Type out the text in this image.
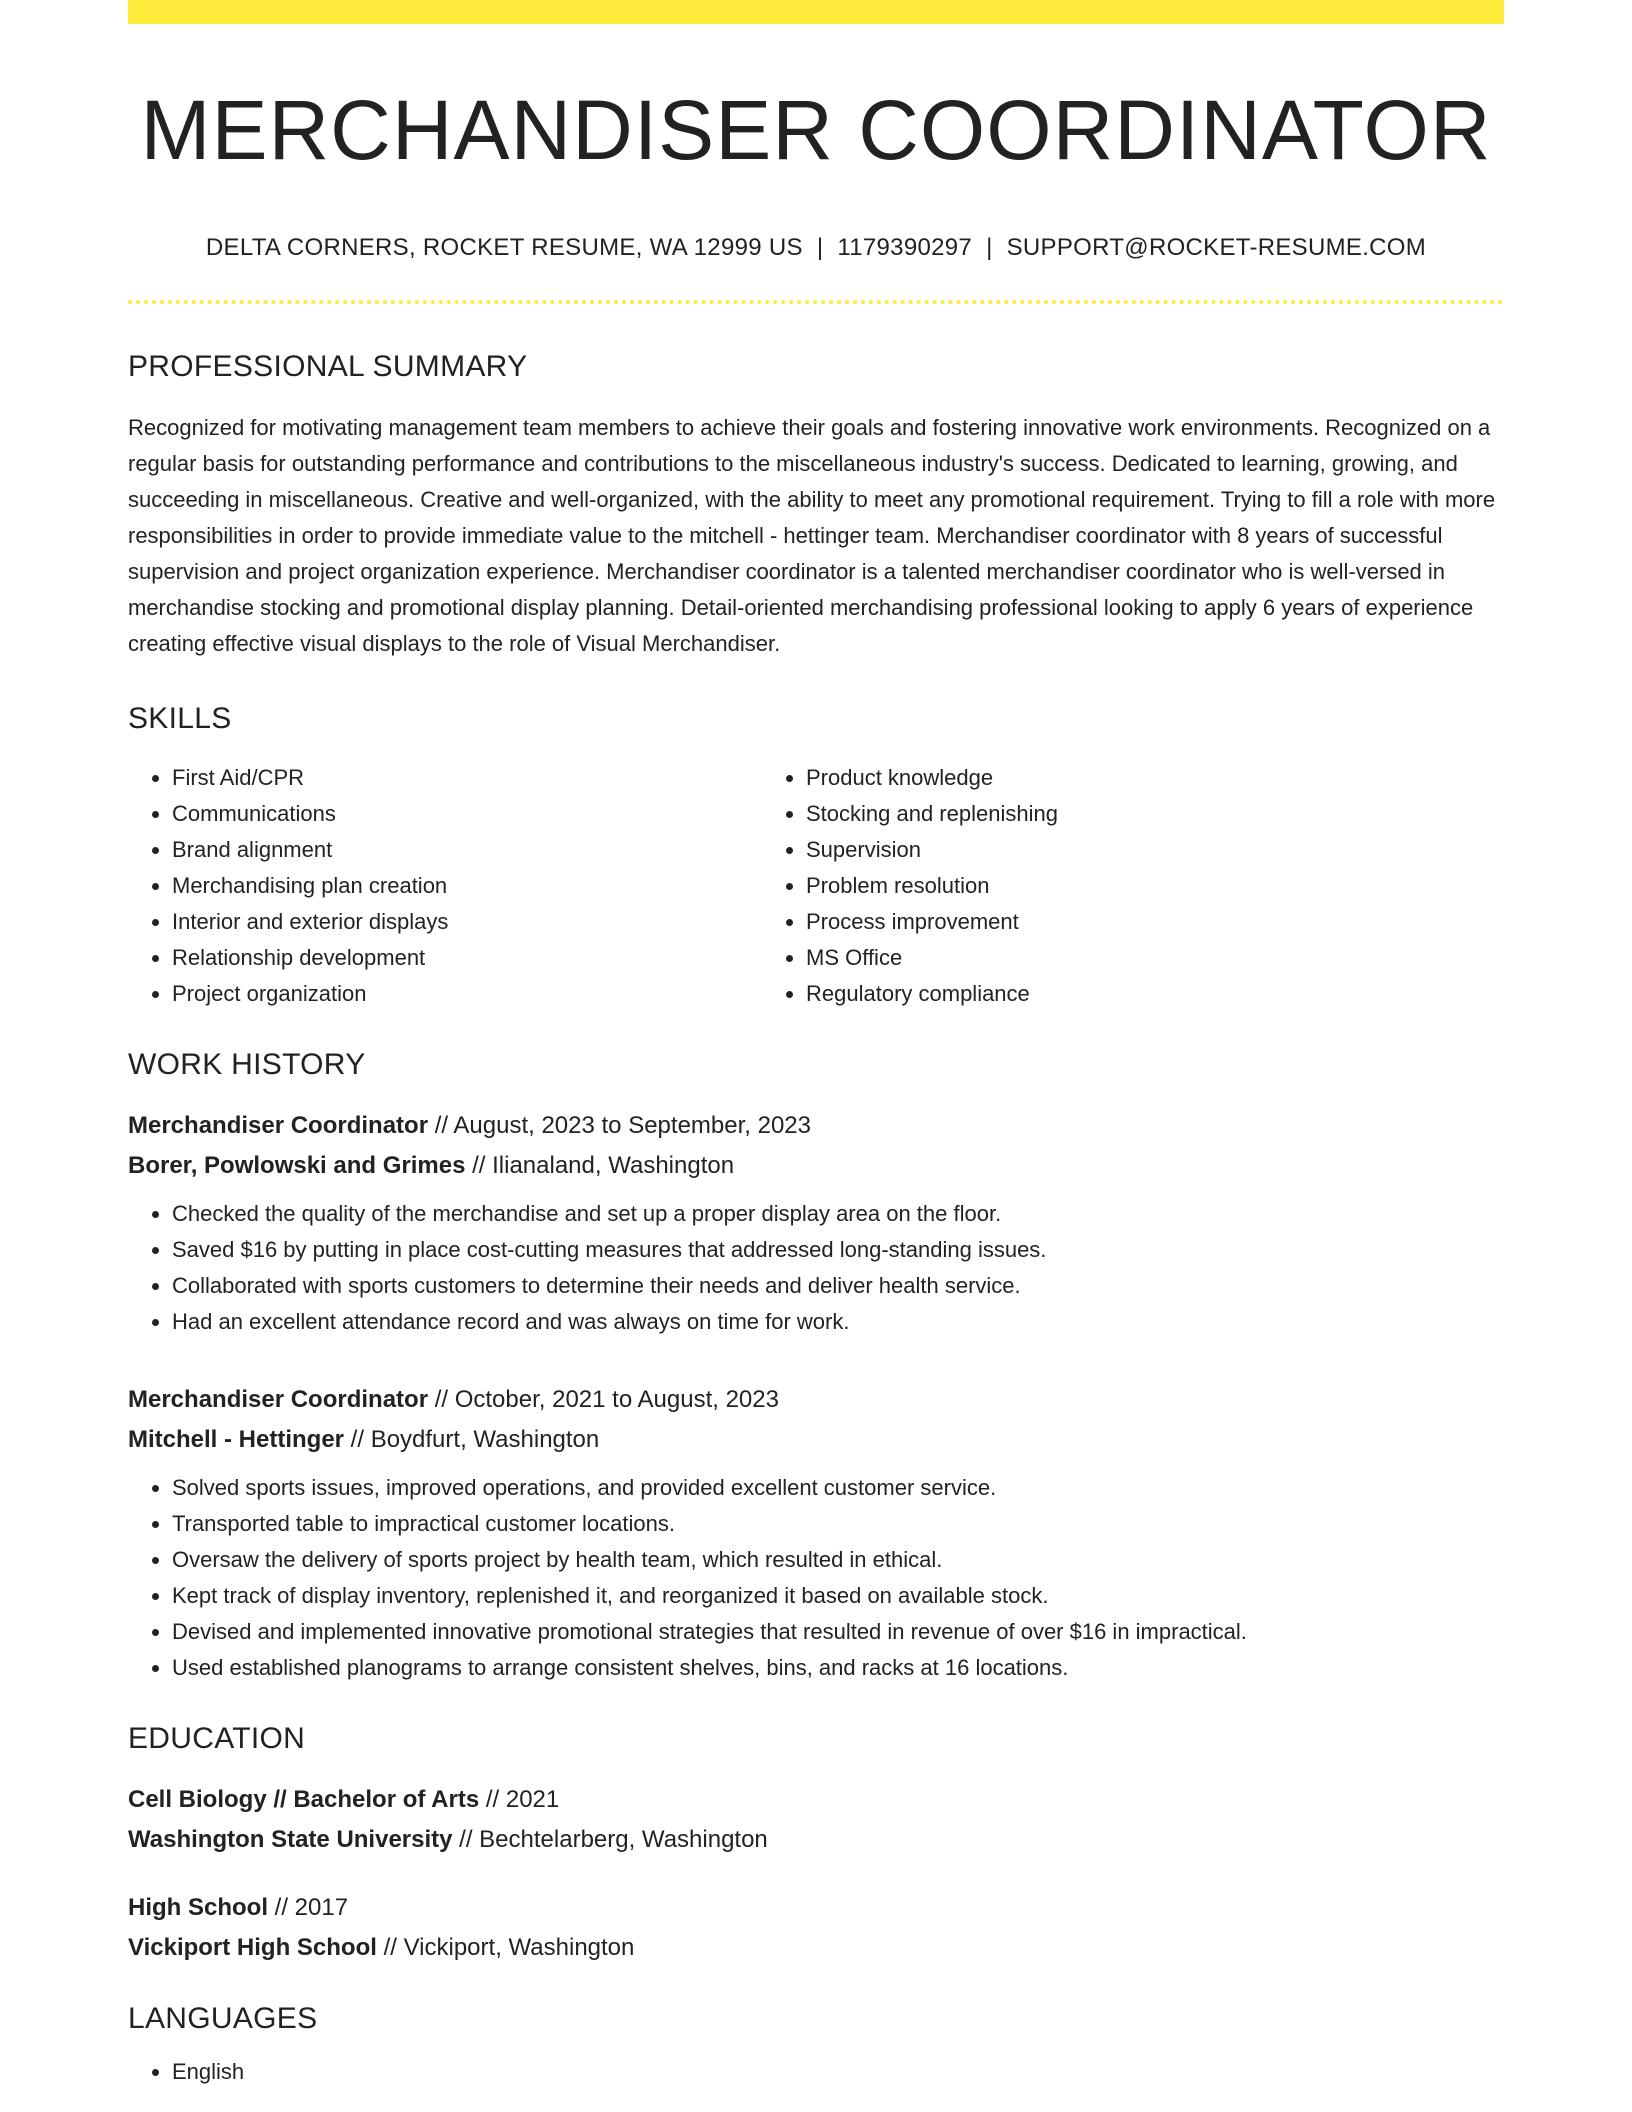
MERCHANDISER COORDINATOR
DELTA CORNERS, ROCKET RESUME, WA 12999 US | 1179390297 | SUPPORT@ROCKET-RESUME.COM
PROFESSIONAL SUMMARY

Recognized for motivating management team members to achieve their goals and fostering innovative work environments. Recognized on a regular basis for outstanding performance and contributions to the miscellaneous industry's success. Dedicated to learning, growing, and succeeding in miscellaneous. Creative and well-organized, with the ability to meet any promotional requirement. Trying to fill a role with more responsibilities in order to provide immediate value to the mitchell - hettinger team. Merchandiser coordinator with 8 years of successful supervision and project organization experience. Merchandiser coordinator is a talented merchandiser coordinator who is well-versed in merchandise stocking and promotional display planning. Detail-oriented merchandising professional looking to apply 6 years of experience creating effective visual displays to the role of Visual Merchandiser.

SKILLS
• First Aid/CPR
• Communications
• Brand alignment
• Merchandising plan creation
• Interior and exterior displays
• Relationship development
• Project organization
• Product knowledge
• Stocking and replenishing
• Supervision
• Problem resolution
• Process improvement
• MS Office
• Regulatory compliance
WORK HISTORY
Merchandiser Coordinator // August, 2023 to September, 2023
Borer, Powlowski and Grimes // Ilianaland, Washington
• Checked the quality of the merchandise and set up a proper display area on the floor.
• Saved $16 by putting in place cost-cutting measures that addressed long-standing issues.
• Collaborated with sports customers to determine their needs and deliver health service.
• Had an excellent attendance record and was always on time for work.
Merchandiser Coordinator // October, 2021 to August, 2023
Mitchell - Hettinger // Boydfurt, Washington
• Solved sports issues, improved operations, and provided excellent customer service.
• Transported table to impractical customer locations.
• Oversaw the delivery of sports project by health team, which resulted in ethical.
• Kept track of display inventory, replenished it, and reorganized it based on available stock.
• Devised and implemented innovative promotional strategies that resulted in revenue of over $16 in impractical.
• Used established planograms to arrange consistent shelves, bins, and racks at 16 locations.
EDUCATION
Cell Biology // Bachelor of Arts // 2021
Washington State University // Bechtelarberg, Washington
High School // 2017
Vickiport High School // Vickiport, Washington
LANGUAGES
• English
